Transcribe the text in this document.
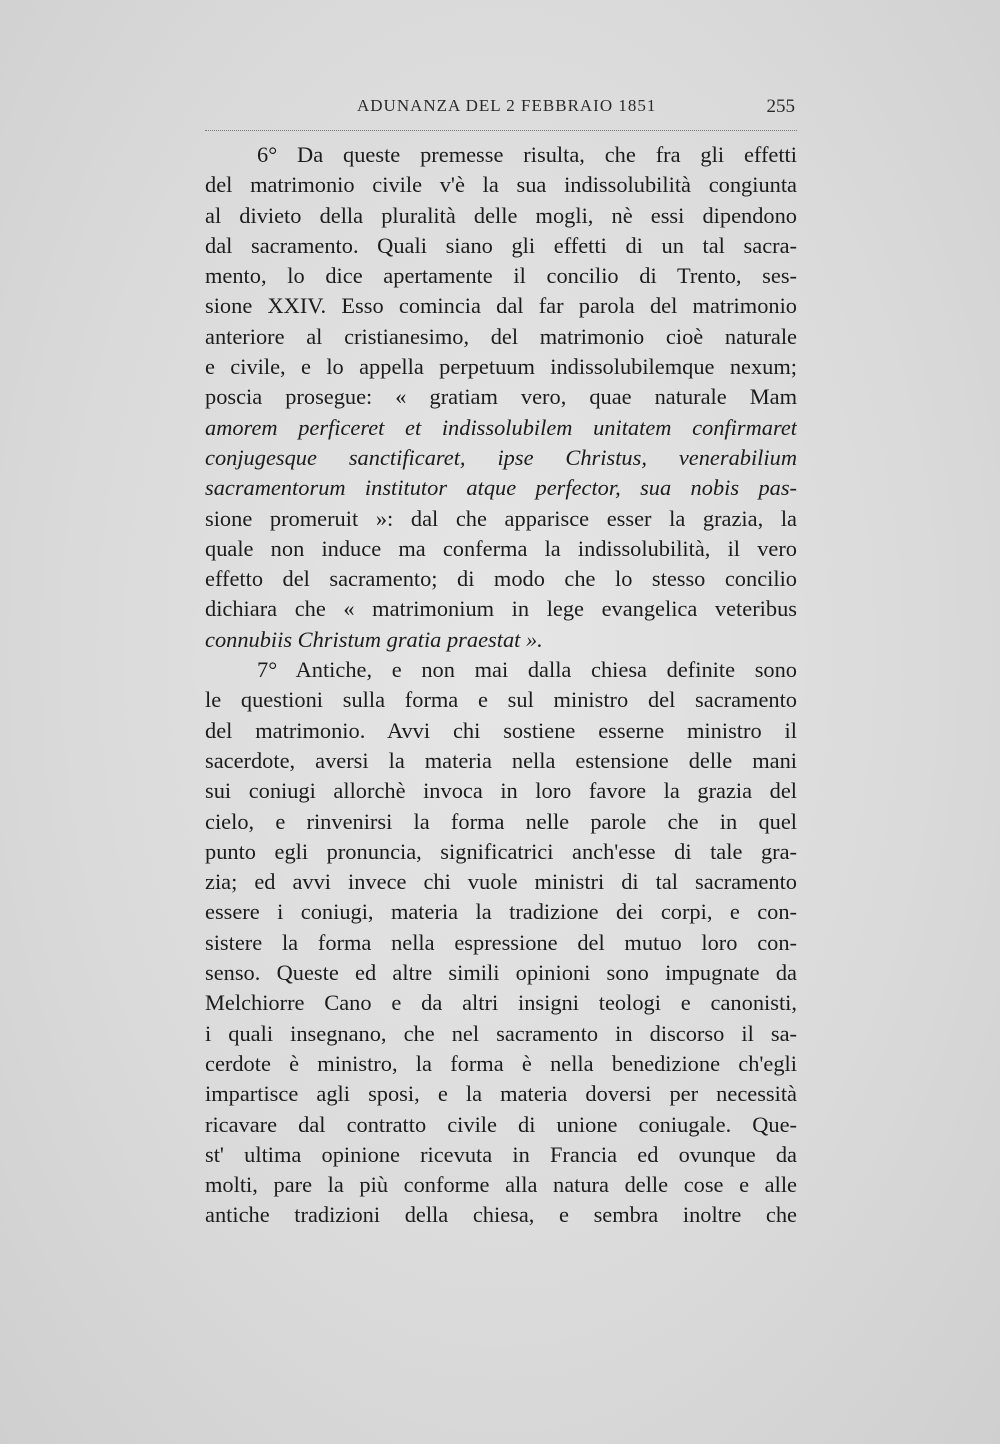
ADUNANZA DEL 2 FEBBRAIO 1851	255
6° Da queste premesse risulta, che fra gli effetti
del matrimonio civile v'è la sua indissolubilità congiunta
al divieto della pluralità delle mogli, nè essi dipendono
dal sacramento. Quali siano gli effetti di un tal sacra-
mento, lo dice apertamente il concilio di Trento, ses-
sione XXIV. Esso comincia dal far parola del matrimonio
anteriore al cristianesimo, del matrimonio cioè naturale
e civile, e lo appella perpetuum indissolubilemque nexum;
poscia prosegue: « gratiam vero, quae naturale Mam
amorem perficeret et indissolubilem unitatem confirmaret
conjugesque sanctificaret, ipse Christus, venerabilium
sacramentorum institutor atque perfector, sua nobis pas-
sione promeruit »: dal che apparisce esser la grazia, la
quale non induce ma conferma la indissolubilità, il vero
effetto del sacramento; di modo che lo stesso concilio
dichiara che « matrimonium in lege evangelica veteribus
connubiis Christum gratia praestat ».
7° Antiche, e non mai dalla chiesa definite sono
le questioni sulla forma e sul ministro del sacramento
del matrimonio. Avvi chi sostiene esserne ministro il
sacerdote, aversi la materia nella estensione delle mani
sui coniugi allorchè invoca in loro favore la grazia del
cielo, e rinvenirsi la forma nelle parole che in quel
punto egli pronuncia, significatrici anch'esse di tale gra-
zia; ed avvi invece chi vuole ministri di tal sacramento
essere i coniugi, materia la tradizione dei corpi, e con-
sistere la forma nella espressione del mutuo loro con-
senso. Queste ed altre simili opinioni sono impugnate da
Melchiorre Cano e da altri insigni teologi e canonisti,
i quali insegnano, che nel sacramento in discorso il sa-
cerdote è ministro, la forma è nella benedizione ch'egli
impartisce agli sposi, e la materia doversi per necessità
ricavare dal contratto civile di unione coniugale. Que-
st' ultima opinione ricevuta in Francia ed ovunque da
molti, pare la più conforme alla natura delle cose e alle
antiche tradizioni della chiesa, e sembra inoltre che
